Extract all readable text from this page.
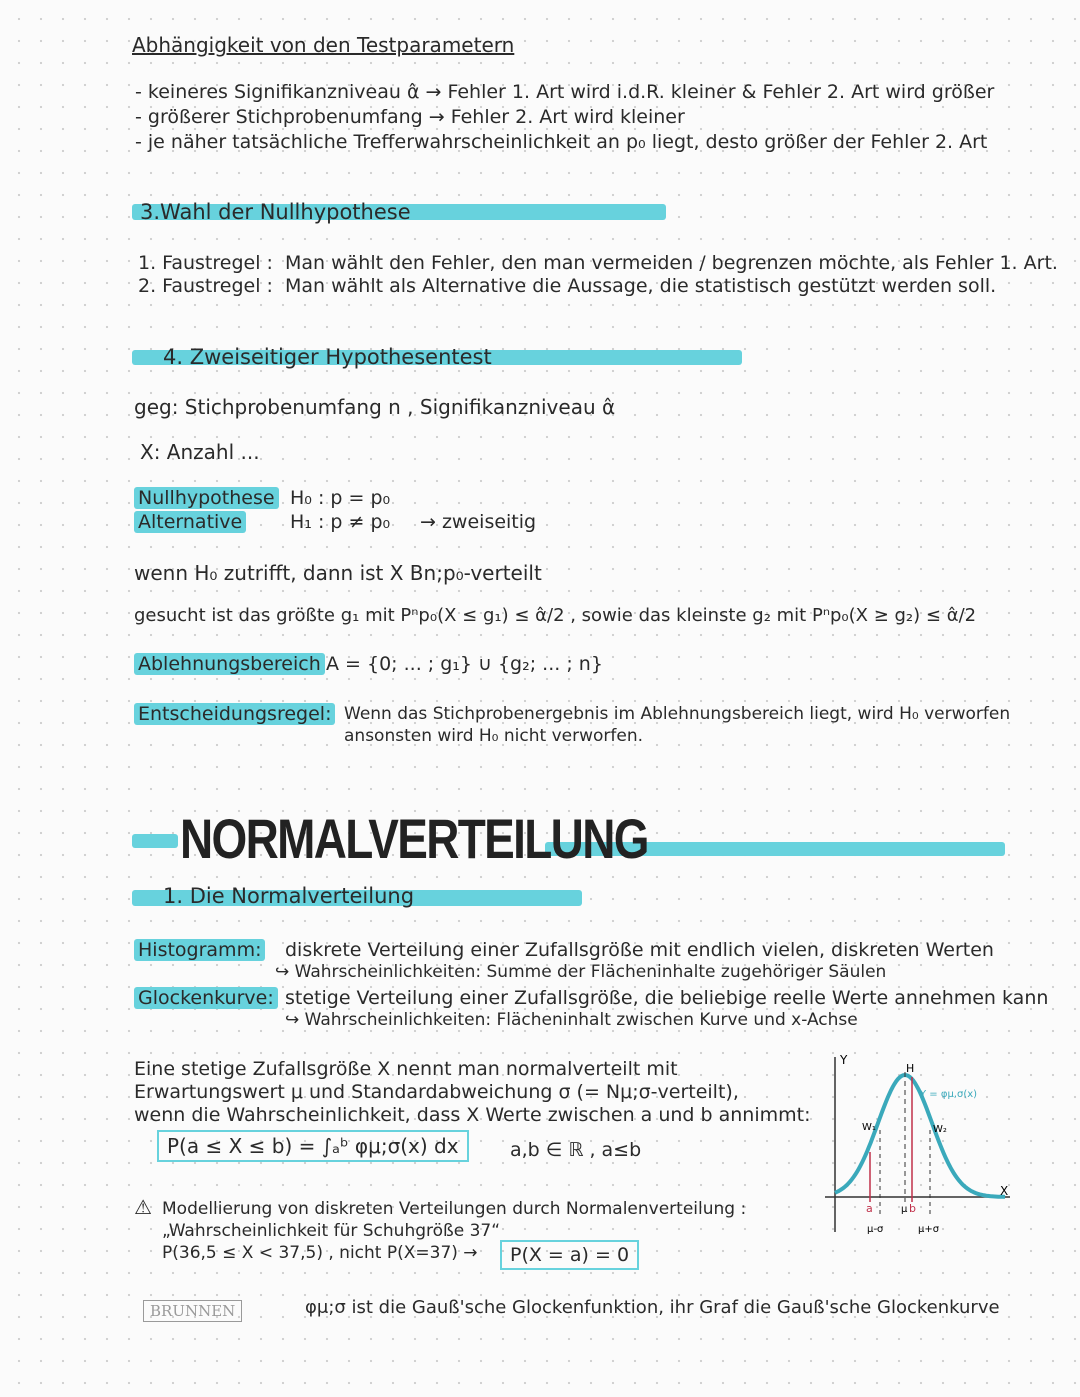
Abhängigkeit von den Testparametern
- keineres Signifikanzniveau α̂ → Fehler 1. Art wird i.d.R. kleiner & Fehler 2. Art wird größer
- größerer Stichprobenumfang → Fehler 2. Art wird kleiner
- je näher tatsächliche Trefferwahrscheinlichkeit an p₀ liegt, desto größer der Fehler 2. Art
3.Wahl der Nullhypothese
1. Faustregel : Man wählt den Fehler, den man vermeiden / begrenzen möchte, als Fehler 1. Art.
2. Faustregel : Man wählt als Alternative die Aussage, die statistisch gestützt werden soll.
4. Zweiseitiger Hypothesentest
geg: Stichprobenumfang n , Signifikanzniveau α̂
X: Anzahl ...
Nullhypothese H₀ : p = p₀
Alternative	H₁ : p ≠ p₀ → zweiseitig
wenn H₀ zutrifft, dann ist X Bn;p₀-verteilt
gesucht ist das größte g₁ mit Pⁿp₀(X ≤ g₁) ≤ α̂/2 , sowie das kleinste g₂ mit Pⁿp₀(X ≥ g₂) ≤ α̂/2
Ablehnungsbereich A = {0; ... ; g₁} ∪ {g₂; ... ; n}
Entscheidungsregel: Wenn das Stichprobenergebnis im Ablehnungsbereich liegt, wird H₀ verworfen
ansonsten wird H₀ nicht verworfen.
NORMALVERTEILUNG
1. Die Normalverteilung
Histogramm: diskrete Verteilung einer Zufallsgröße mit endlich vielen, diskreten Werten
↪ Wahrscheinlichkeiten: Summe der Flächeninhalte zugehöriger Säulen
Glockenkurve: stetige Verteilung einer Zufallsgröße, die beliebige reelle Werte annehmen kann
↪ Wahrscheinlichkeiten: Flächeninhalt zwischen Kurve und x-Achse
Eine stetige Zufallsgröße X nennt man normalverteilt mit
Erwartungswert μ und Standardabweichung σ (= Nμ;σ-verteilt),
wenn die Wahrscheinlichkeit, dass X Werte zwischen a und b annimmt:
P(a ≤ X ≤ b) = ∫ₐᵇ φμ;σ(x) dx	a,b ∈ ℝ , a≤b
⚠ Modellierung von diskreten Verteilungen durch Normalenverteilung :
„Wahrscheinlichkeit für Schuhgröße 37“
P(36,5 ≤ X < 37,5) , nicht P(X=37) →	P(X = a) = 0
BRUNNEN	φμ;σ ist die Gauß'sche Glockenfunktion, ihr Graf die Gauß'sche Glockenkurve
Y
X
H
W₁	W₂
Y = φμ,σ(x)
a	b
μ
μ-σ	μ+σ
